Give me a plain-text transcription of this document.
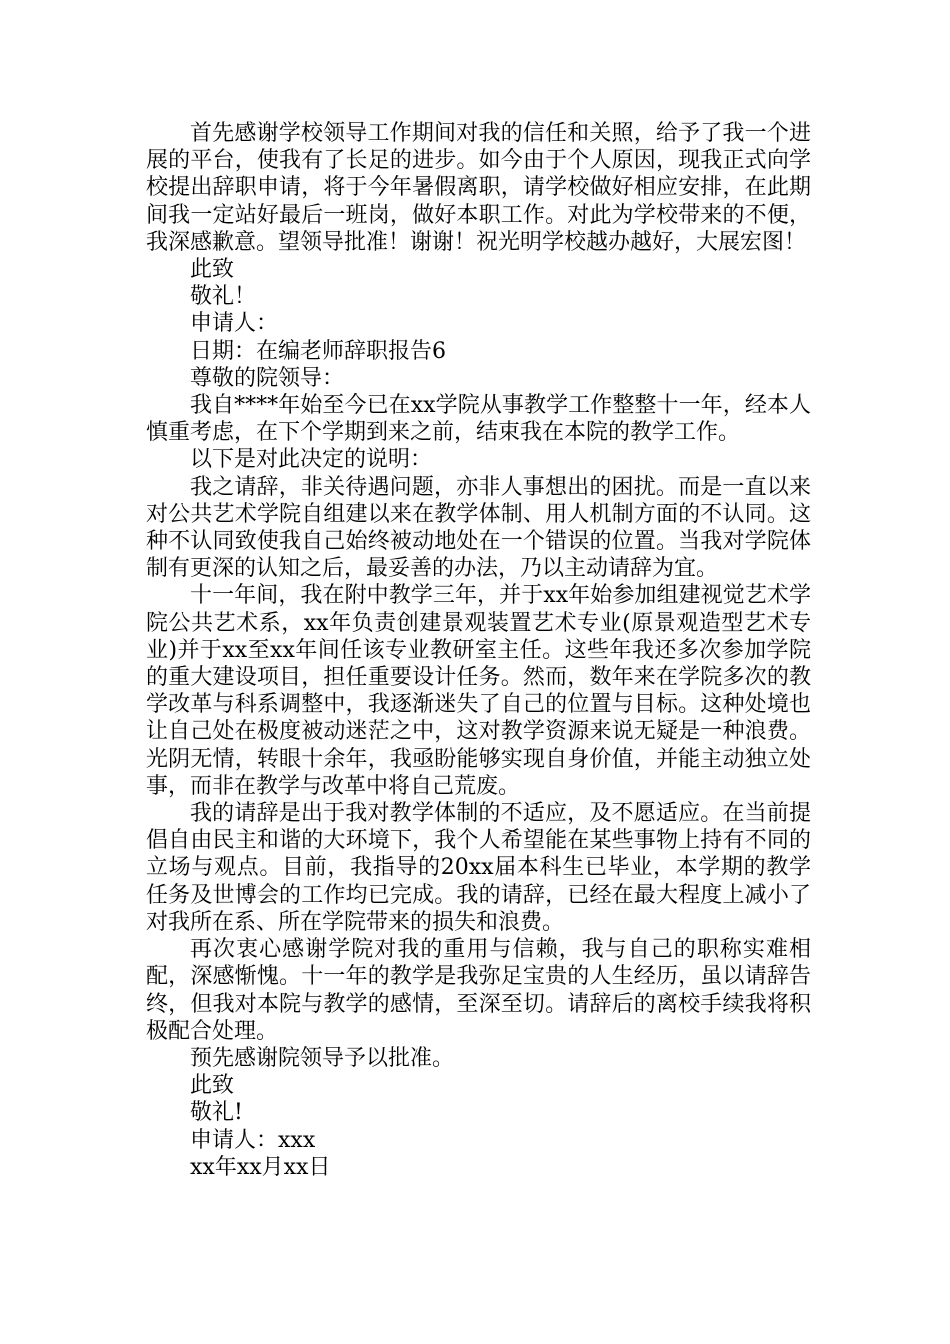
首先感谢学校领导工作期间对我的信任和关照，给予了我一个进展的平台，使我有了长足的进步。如今由于个人原因，现我正式向学校提出辞职申请，将于今年暑假离职，请学校做好相应安排，在此期间我一定站好最后一班岗，做好本职工作。对此为学校带来的不便，我深感歉意。望领导批准！谢谢！祝光明学校越办越好，大展宏图！

此致

敬礼！

申请人：

日期：在编老师辞职报告6

尊敬的院领导：

我自****年始至今已在xx学院从事教学工作整整十一年，经本人慎重考虑，在下个学期到来之前，结束我在本院的教学工作。

以下是对此决定的说明：

我之请辞，非关待遇问题，亦非人事想出的困扰。而是一直以来对公共艺术学院自组建以来在教学体制、用人机制方面的不认同。这种不认同致使我自己始终被动地处在一个错误的位置。当我对学院体制有更深的认知之后，最妥善的办法，乃以主动请辞为宜。

十一年间，我在附中教学三年，并于xx年始参加组建视觉艺术学院公共艺术系，xx年负责创建景观装置艺术专业(原景观造型艺术专业)并于xx至xx年间任该专业教研室主任。这些年我还多次参加学院的重大建设项目，担任重要设计任务。然而，数年来在学院多次的教学改革与科系调整中，我逐渐迷失了自己的位置与目标。这种处境也让自己处在极度被动迷茫之中，这对教学资源来说无疑是一种浪费。光阴无情，转眼十余年，我亟盼能够实现自身价值，并能主动独立处事，而非在教学与改革中将自己荒废。

我的请辞是出于我对教学体制的不适应，及不愿适应。在当前提倡自由民主和谐的大环境下，我个人希望能在某些事物上持有不同的立场与观点。目前，我指导的20xx届本科生已毕业，本学期的教学任务及世博会的工作均已完成。我的请辞，已经在最大程度上减小了对我所在系、所在学院带来的损失和浪费。

再次衷心感谢学院对我的重用与信赖，我与自己的职称实难相配，深感惭愧。十一年的教学是我弥足宝贵的人生经历，虽以请辞告终，但我对本院与教学的感情，至深至切。请辞后的离校手续我将积极配合处理。

预先感谢院领导予以批准。

此致

敬礼!

申请人：xxx

xx年xx月xx日
